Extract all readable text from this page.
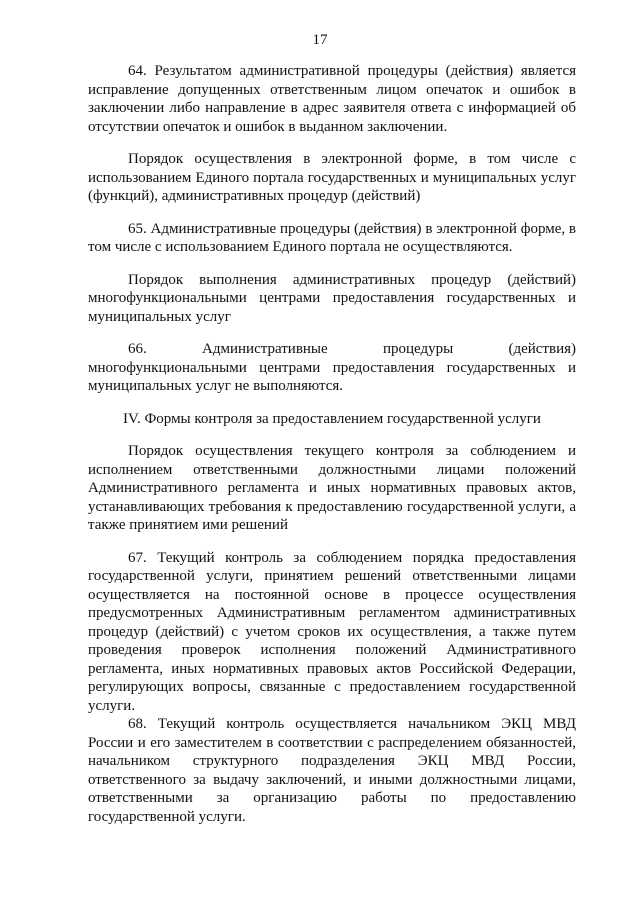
17

64. Результатом административной процедуры (действия) является исправление допущенных ответственным лицом опечаток и ошибок в заключении либо направление в адрес заявителя ответа с информацией об отсутствии опечаток и ошибок в выданном заключении.

Порядок осуществления в электронной форме, в том числе с использованием Единого портала государственных и муниципальных услуг (функций), административных процедур (действий)

65. Административные процедуры (действия) в электронной форме, в том числе с использованием Единого портала не осуществляются.

Порядок выполнения административных процедур (действий) многофункциональными центрами предоставления государственных и муниципальных услуг

66. Административные процедуры (действия) многофункциональными центрами предоставления государственных и муниципальных услуг не выполняются.

IV. Формы контроля за предоставлением государственной услуги

Порядок осуществления текущего контроля за соблюдением и исполнением ответственными должностными лицами положений Административного регламента и иных нормативных правовых актов, устанавливающих требования к предоставлению государственной услуги, а также принятием ими решений

67. Текущий контроль за соблюдением порядка предоставления государственной услуги, принятием решений ответственными лицами осуществляется на постоянной основе в процессе осуществления предусмотренных Административным регламентом административных процедур (действий) с учетом сроков их осуществления, а также путем проведения проверок исполнения положений Административного регламента, иных нормативных правовых актов Российской Федерации, регулирующих вопросы, связанные с предоставлением государственной услуги.

68. Текущий контроль осуществляется начальником ЭКЦ МВД России и его заместителем в соответствии с распределением обязанностей, начальником структурного подразделения ЭКЦ МВД России, ответственного за выдачу заключений, и иными должностными лицами, ответственными за организацию работы по предоставлению государственной услуги.
